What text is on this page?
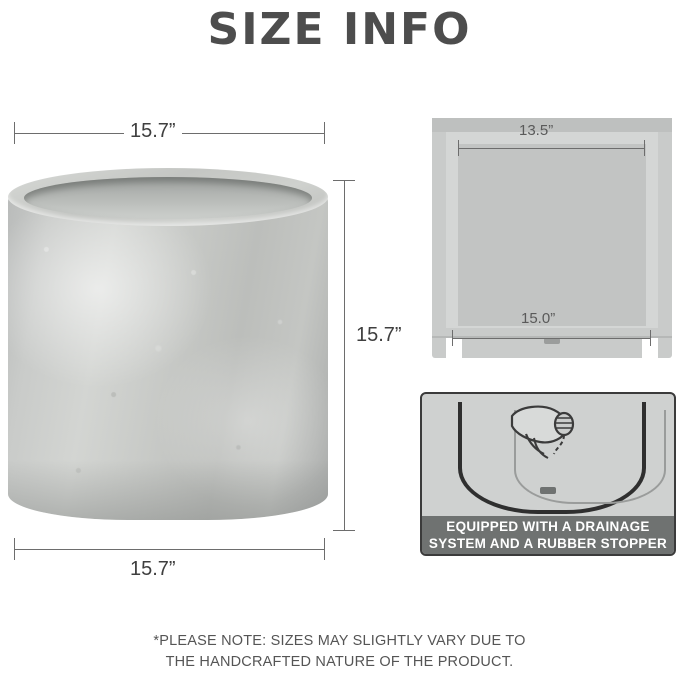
SIZE INFO
15.7”
15.7”
15.7”
13.5”
15.0”
EQUIPPED WITH A DRAINAGE
SYSTEM AND A RUBBER STOPPER
*PLEASE NOTE: SIZES MAY SLIGHTLY VARY DUE TO
THE HANDCRAFTED NATURE OF THE PRODUCT.
